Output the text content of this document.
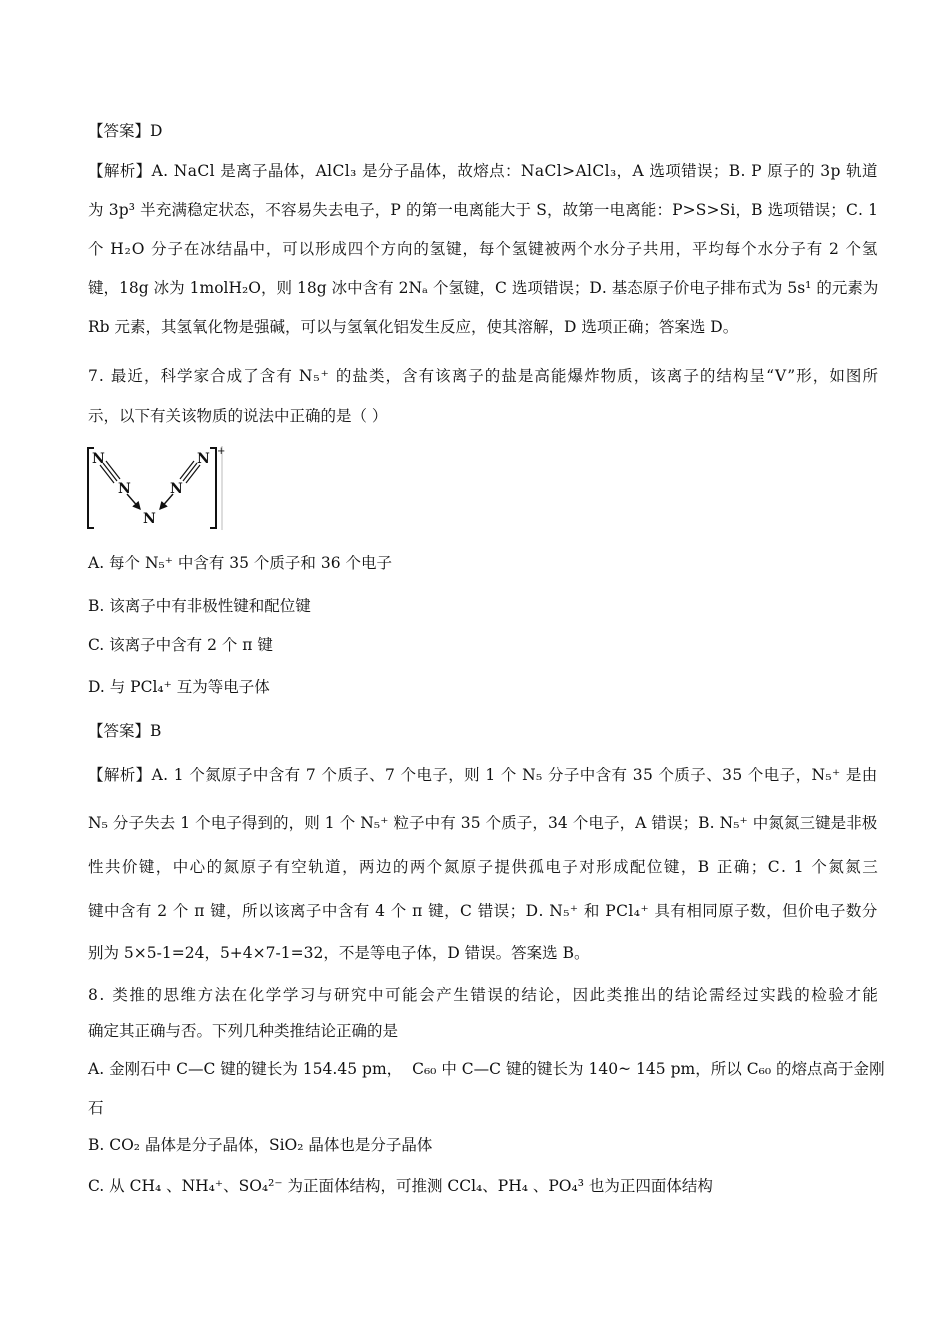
【答案】D
【 解 析 】 A .
N a C l
是 离 子 晶 体 ， A l C l ₃
是 分 子 晶 体 ， 故 熔 点 ： N a C l > A l C l ₃ ， A
选 项 错 误 ； B .
P
原 子 的
3 p
轨 道
为
3 p ³
半 充 满 稳 定 状 态 ， 不 容 易 失 去 电 子 ， P
的 第 一 电 离 能 大 于
S ， 故 第 一 电 离 能 ： P > S > S i ， B
选 项 错 误 ； C .
1
个
H ₂ O
分 子 在 冰 结 晶 中 ， 可 以 形 成 四 个 方 向 的 氢 键 ， 每 个 氢 键 被 两 个 水 分 子 共 用 ， 平 均 每 个 水 分 子 有
2
个 氢
键 ， 1 8 g
冰 为
1 m o l H ₂ O ， 则
1 8 g
冰 中 含 有
2 N ₐ
个 氢 键 ， C
选 项 错 误 ； D .
基 态 原 子 价 电 子 排 布 式 为
5 s ¹
的 元 素 为
Rb 元素，其氢氧化物是强碱，可以与氢氧化铝发生反应，使其溶解，D 选项正确；答案选 D。
7 .
最 近 ， 科 学 家 合 成 了 含 有
N ₅ ⁺
的 盐 类 ， 含 有 该 离 子 的 盐 是 高 能 爆 炸 物 质 ， 该 离 子 的 结 构 呈 “ V ” 形 ， 如 图 所
示，以下有关该物质的说法中正确的是（ ）
A. 每个 N₅⁺ 中含有 35 个质子和 36 个电子
B. 该离子中有非极性键和配位键
C. 该离子中含有 2 个 π 键
D. 与 PCl₄⁺ 互为等电子体
【答案】B
【 解 析 】 A .
1
个 氮 原 子 中 含 有
7
个 质 子 、 7
个 电 子 ， 则
1
个
N ₅
分 子 中 含 有
3 5
个 质 子 、 3 5
个 电 子 ， N ₅ ⁺
是 由
N ₅
分 子 失 去
1
个 电 子 得 到 的 ， 则
1
个
N ₅ ⁺
粒 子 中 有
3 5
个 质 子 ， 3 4
个 电 子 ， A
错 误 ； B .
N ₅ ⁺
中 氮 氮 三 键 是 非 极
性 共 价 键 ， 中 心 的 氮 原 子 有 空 轨 道 ， 两 边 的 两 个 氮 原 子 提 供 孤 电 子 对 形 成 配 位 键 ， B
正 确 ； C .
1
个 氮 氮 三
键 中 含 有
2
个
π
键 ， 所 以 该 离 子 中 含 有
4
个
π
键 ， C
错 误 ； D .
N ₅ ⁺
和
P C l ₄ ⁺
具 有 相 同 原 子 数 ， 但 价 电 子 数 分
别为 5×5-1=24，5+4×7-1=32，不是等电子体，D 错误。答案选 B。
8 .
类 推 的 思 维 方 法 在 化 学 学 习 与 研 究 中 可 能 会 产 生 错 误 的 结 论 ， 因 此 类 推 出 的 结 论 需 经 过 实 践 的 检 验 才 能
确定其正确与否。下列几种类推结论正确的是
A .
金 刚 石 中
C — C
键 的 键 长 为
1 5 4 . 4 5
p m ，

C ₆ ₀
中
C — C
键 的 键 长 为
1 4 0 ~
1 4 5
p m ， 所 以
C ₆ ₀
的 熔 点 高 于 金 刚
石
B. CO₂ 晶体是分子晶体，SiO₂ 晶体也是分子晶体
C. 从 CH₄ 、NH₄⁺、SO₄²⁻ 为正面体结构，可推测 CCl₄、PH₄ 、PO₄³ 也为正四面体结构
N
N
N
N
N +
